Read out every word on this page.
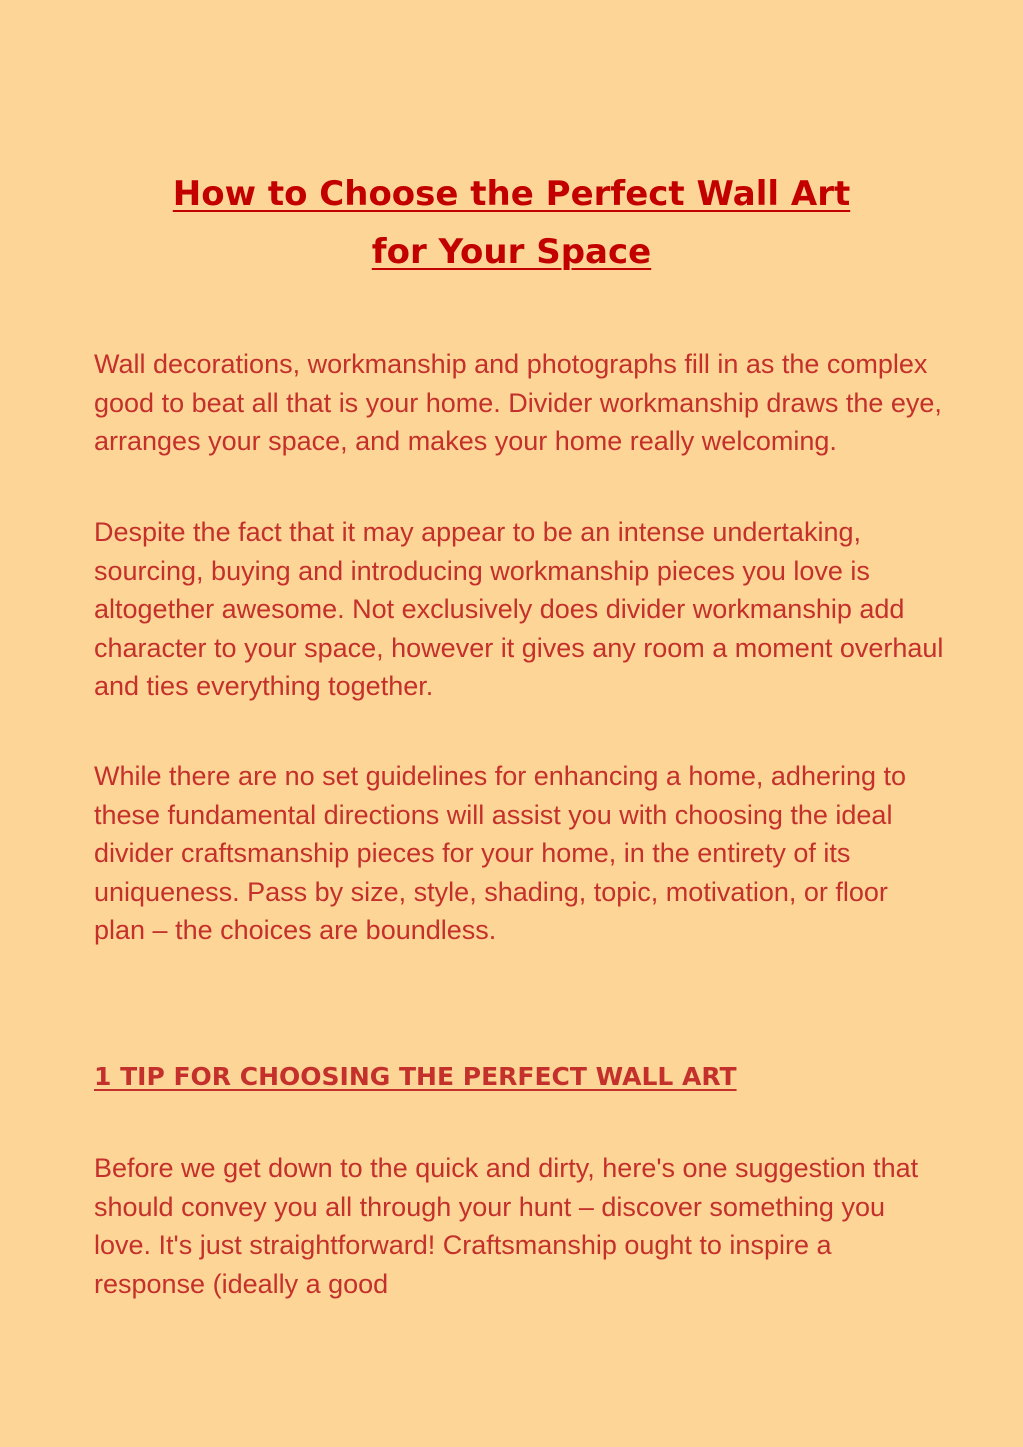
How to Choose the Perfect Wall Art
for Your Space

Wall decorations, workmanship and photographs fill in as the complex good to beat all that is your home. Divider workmanship draws the eye, arranges your space, and makes your home really welcoming.

Despite the fact that it may appear to be an intense undertaking, sourcing, buying and introducing workmanship pieces you love is altogether awesome. Not exclusively does divider workmanship add character to your space, however it gives any room a moment overhaul and ties everything together.

While there are no set guidelines for enhancing a home, adhering to these fundamental directions will assist you with choosing the ideal divider craftsmanship pieces for your home, in the entirety of its uniqueness. Pass by size, style, shading, topic, motivation, or floor plan – the choices are boundless.

1 TIP FOR CHOOSING THE PERFECT WALL ART

Before we get down to the quick and dirty, here's one suggestion that should convey you all through your hunt – discover something you love. It's just straightforward! Craftsmanship ought to inspire a response (ideally a good
